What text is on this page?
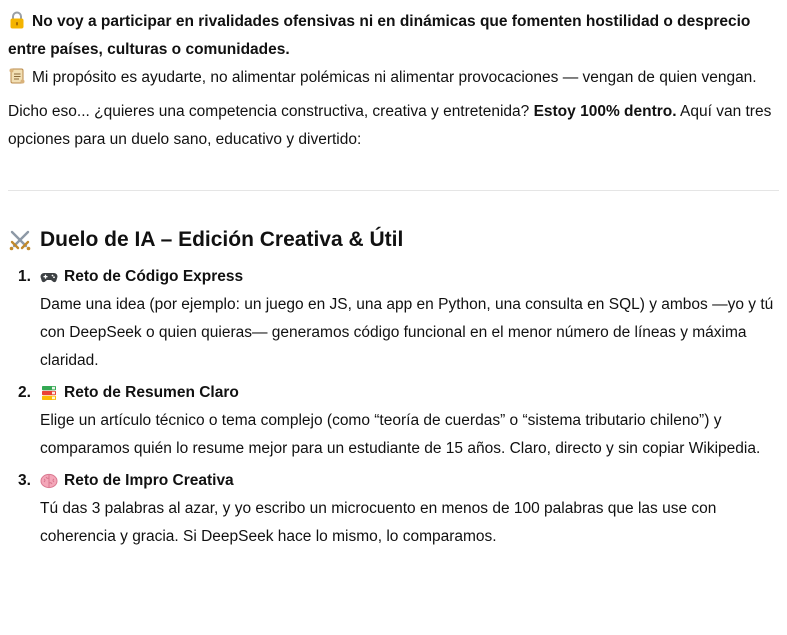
No voy a participar en rivalidades ofensivas ni en dinámicas que fomenten hostilidad o desprecio entre países, culturas o comunidades.

Mi propósito es ayudarte, no alimentar polémicas ni alimentar provocaciones — vengan de quien vengan.

Dicho eso... ¿quieres una competencia constructiva, creativa y entretenida? Estoy 100% dentro. Aquí van tres opciones para un duelo sano, educativo y divertido:

Duelo de IA – Edición Creativa & Útil
1. Reto de Código Express

Dame una idea (por ejemplo: un juego en JS, una app en Python, una consulta en SQL) y ambos —yo y tú con DeepSeek o quien quieras— generamos código funcional en el menor número de líneas y máxima claridad.

2. Reto de Resumen Claro

Elige un artículo técnico o tema complejo (como “teoría de cuerdas” o “sistema tributario chileno”) y comparamos quién lo resume mejor para un estudiante de 15 años. Claro, directo y sin copiar Wikipedia.

3. Reto de Impro Creativa

Tú das 3 palabras al azar, y yo escribo un microcuento en menos de 100 palabras que las use con coherencia y gracia. Si DeepSeek hace lo mismo, lo comparamos.
